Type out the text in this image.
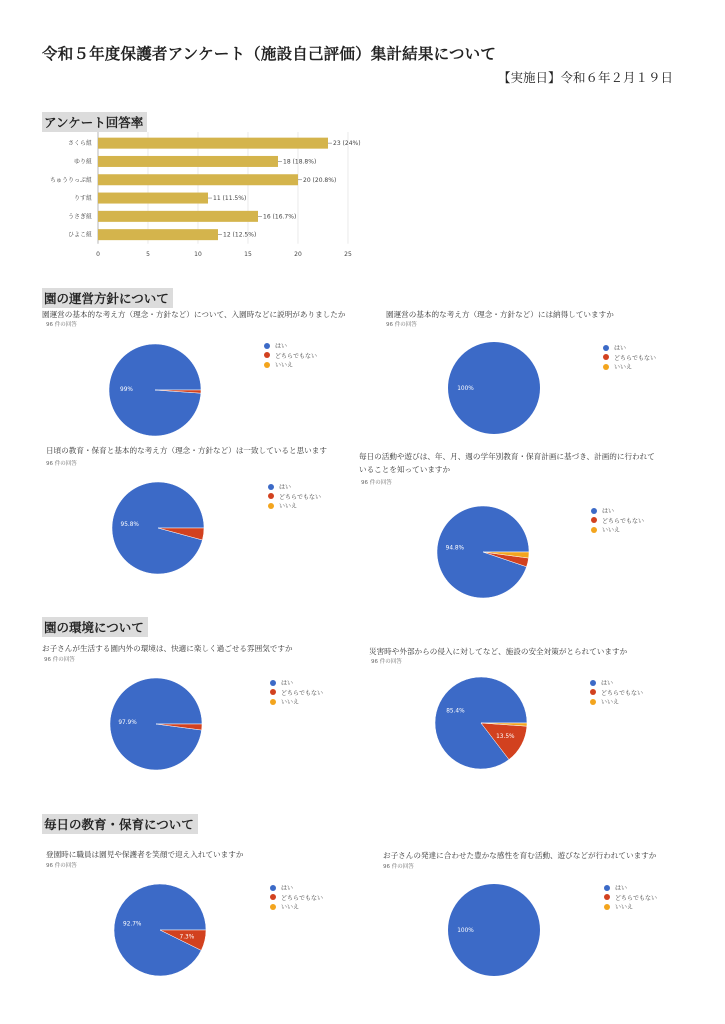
令和５年度保護者アンケート（施設自己評価）集計結果について
【実施日】令和６年２月１９日
アンケート回答率
0	5	10	15	20	25
さくら組	23 (24%)
ゆり組	18 (18.8%)
ちゅうりっぷ組	20 (20.8%)
りす組	11 (11.5%)
うさぎ組	16 (16.7%)
ひよこ組	12 (12.5%)
園の運営方針について
園運営の基本的な考え方（理念・方針など）について、入園時などに説明がありましたか
96 件の回答
99%
はい
どちらでもない
いいえ
園運営の基本的な考え方（理念・方針など）には納得していますか
96 件の回答
100%
はい
どちらでもない
いいえ
日頃の教育・保育と基本的な考え方（理念・方針など）は一致していると思います
96 件の回答
95.8%
はい
どちらでもない
いいえ
毎日の活動や遊びは、年、月、週の学年別教育・保育計画に基づき、計画的に行われて
いることを知っていますか
96 件の回答
94.8%
はい
どちらでもない
いいえ
園の環境について
お子さんが生活する園内外の環境は、快適に楽しく過ごせる雰囲気ですか
96 件の回答
97.9%
はい
どちらでもない
いいえ
災害時や外部からの侵入に対してなど、施設の安全対策がとられていますか
96 件の回答
85.4%
13.5%
はい
どちらでもない
いいえ
毎日の教育・保育について
登園時に職員は園児や保護者を笑顔で迎え入れていますか
96 件の回答
92.7%
7.3%
はい
どちらでもない
いいえ
お子さんの発達に合わせた豊かな感性を育む活動、遊びなどが行われていますか
96 件の回答
100%
はい
どちらでもない
いいえ
